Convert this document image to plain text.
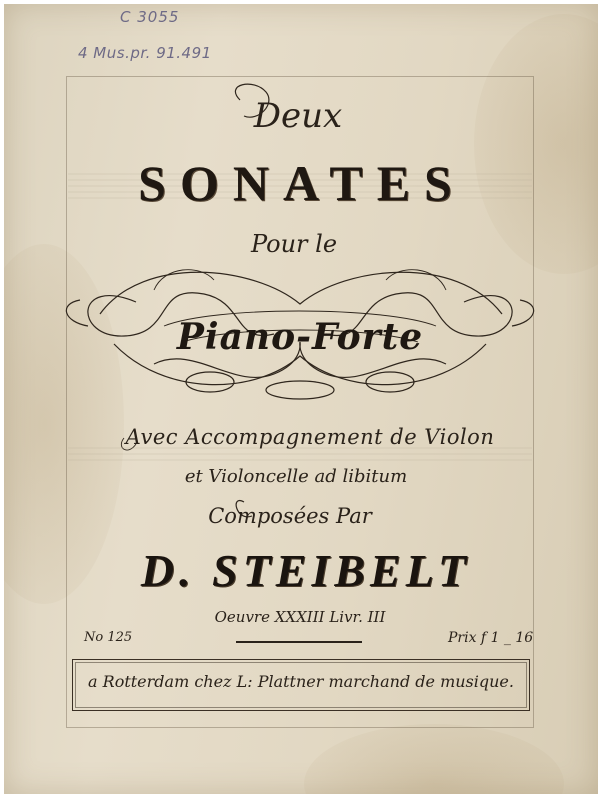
C 3055
4 Mus.pr. 91.491
Deux
SONATES
Pour le
Piano-Forte
Avec Accompagnement de Violon
et Violoncelle ad libitum
Composées Par
D. STEIBELT
Oeuvre XXXIII Livr. III
No 125	Prix f 1 _ 16
a Rotterdam chez L: Plattner marchand de musique.
